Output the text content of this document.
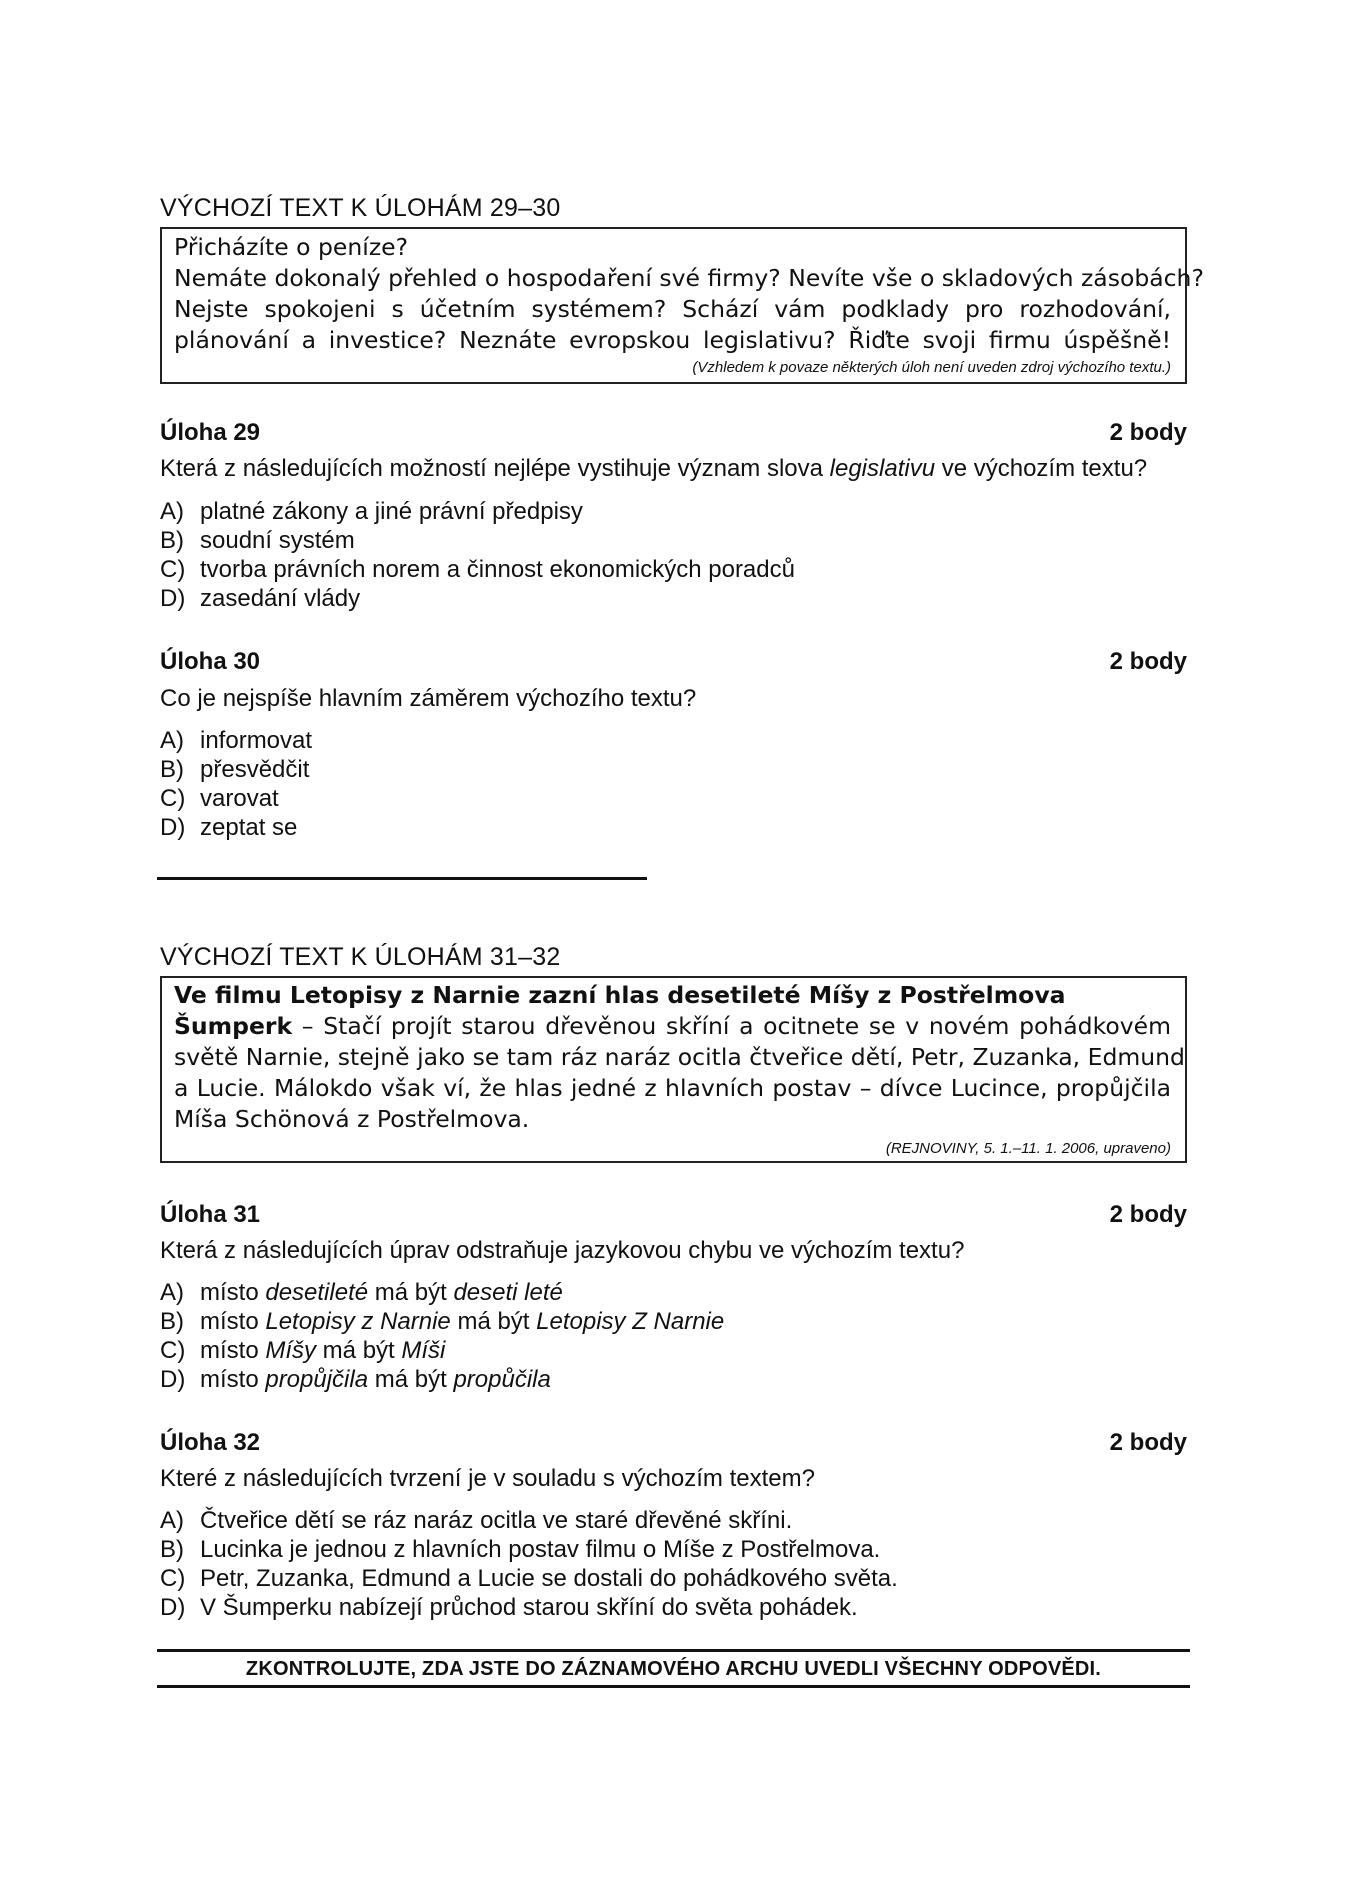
VÝCHOZÍ TEXT K ÚLOHÁM 29–30
Přicházíte o peníze?
Nemáte dokonalý přehled o hospodaření své firmy? Nevíte vše o skladových zásobách?
Nejste spokojeni s účetním systémem? Schází vám podklady pro rozhodování,
plánování a investice? Neznáte evropskou legislativu? Řiďte svoji firmu úspěšně!
(Vzhledem k povaze některých úloh není uveden zdroj výchozího textu.)
Úloha 29	2 body
Která z následujících možností nejlépe vystihuje význam slova legislativu ve výchozím textu?
A) platné zákony a jiné právní předpisy
B) soudní systém
C) tvorba právních norem a činnost ekonomických poradců
D) zasedání vlády
Úloha 30	2 body
Co je nejspíše hlavním záměrem výchozího textu?
A) informovat
B) přesvědčit
C) varovat
D) zeptat se
VÝCHOZÍ TEXT K ÚLOHÁM 31–32
Ve filmu Letopisy z Narnie zazní hlas desetileté Míšy z Postřelmova
Šumperk – Stačí projít starou dřevěnou skříní a ocitnete se v novém pohádkovém
světě Narnie, stejně jako se tam ráz naráz ocitla čtveřice dětí, Petr, Zuzanka, Edmund
a Lucie. Málokdo však ví, že hlas jedné z hlavních postav – dívce Lucince, propůjčila
Míša Schönová z Postřelmova.
(REJNOVINY, 5. 1.–11. 1. 2006, upraveno)
Úloha 31	2 body
Která z následujících úprav odstraňuje jazykovou chybu ve výchozím textu?
A) místo desetileté má být deseti leté
B) místo Letopisy z Narnie má být Letopisy Z Narnie
C) místo Míšy má být Míši
D) místo propůjčila má být propůčila
Úloha 32	2 body
Které z následujících tvrzení je v souladu s výchozím textem?
A) Čtveřice dětí se ráz naráz ocitla ve staré dřevěné skříni.
B) Lucinka je jednou z hlavních postav filmu o Míše z Postřelmova.
C) Petr, Zuzanka, Edmund a Lucie se dostali do pohádkového světa.
D) V Šumperku nabízejí průchod starou skříní do světa pohádek.
ZKONTROLUJTE, ZDA JSTE DO ZÁZNAMOVÉHO ARCHU UVEDLI VŠECHNY ODPOVĚDI.
